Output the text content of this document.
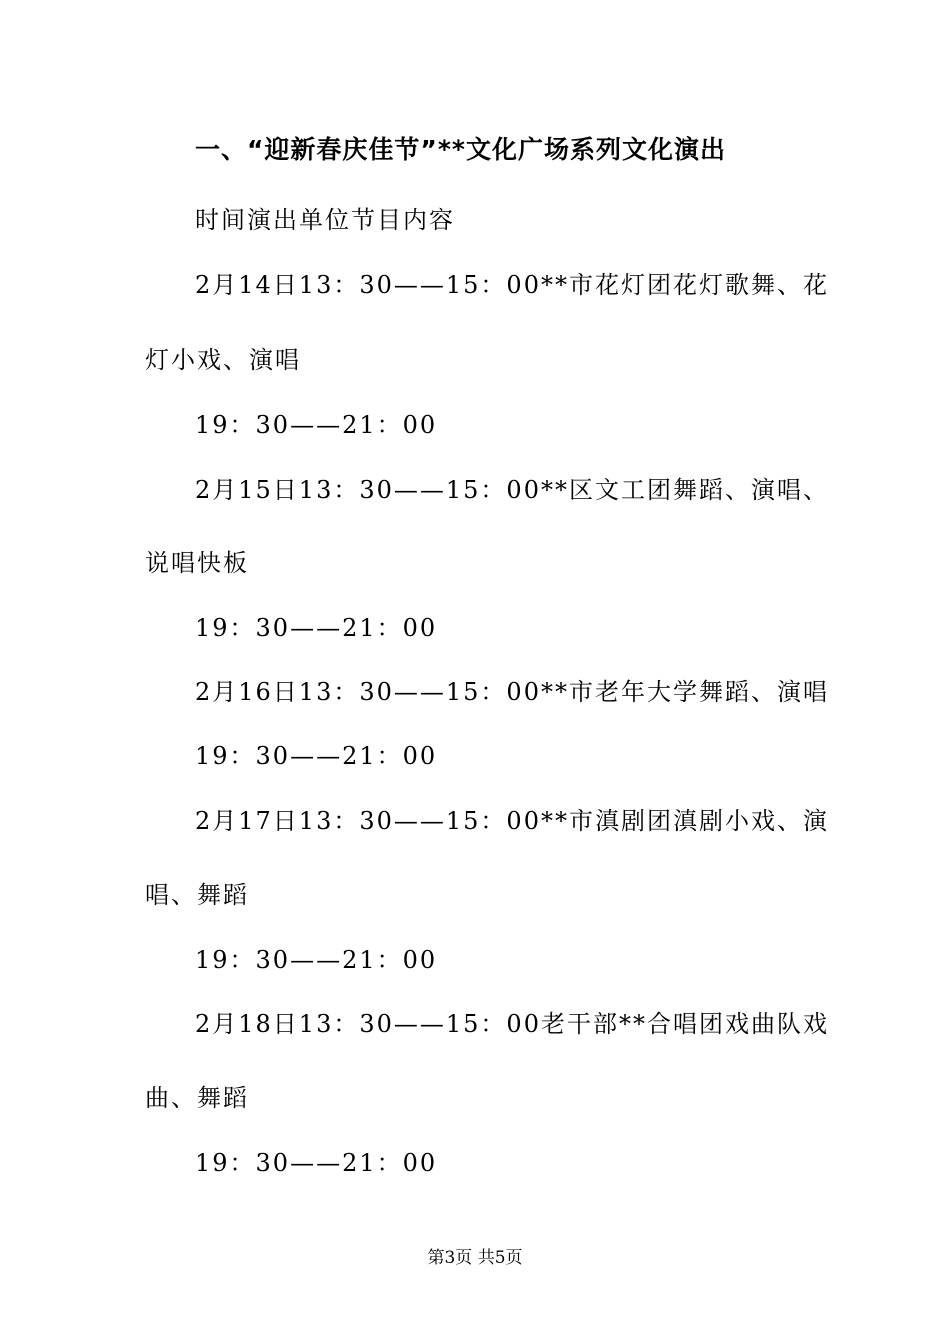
一、“迎新春庆佳节”**文化广场系列文化演出
时间演出单位节目内容
2月14日13：30——15：00**市花灯团花灯歌舞、花
灯小戏、演唱
19：30——21：00
2月15日13：30——15：00**区文工团舞蹈、演唱、
说唱快板
19：30——21：00
2月16日13：30——15：00**市老年大学舞蹈、演唱
19：30——21：00
2月17日13：30——15：00**市滇剧团滇剧小戏、演
唱、舞蹈
19：30——21：00
2月18日13：30——15：00老干部**合唱团戏曲队戏
曲、舞蹈
19：30——21：00
第3页 共5页
